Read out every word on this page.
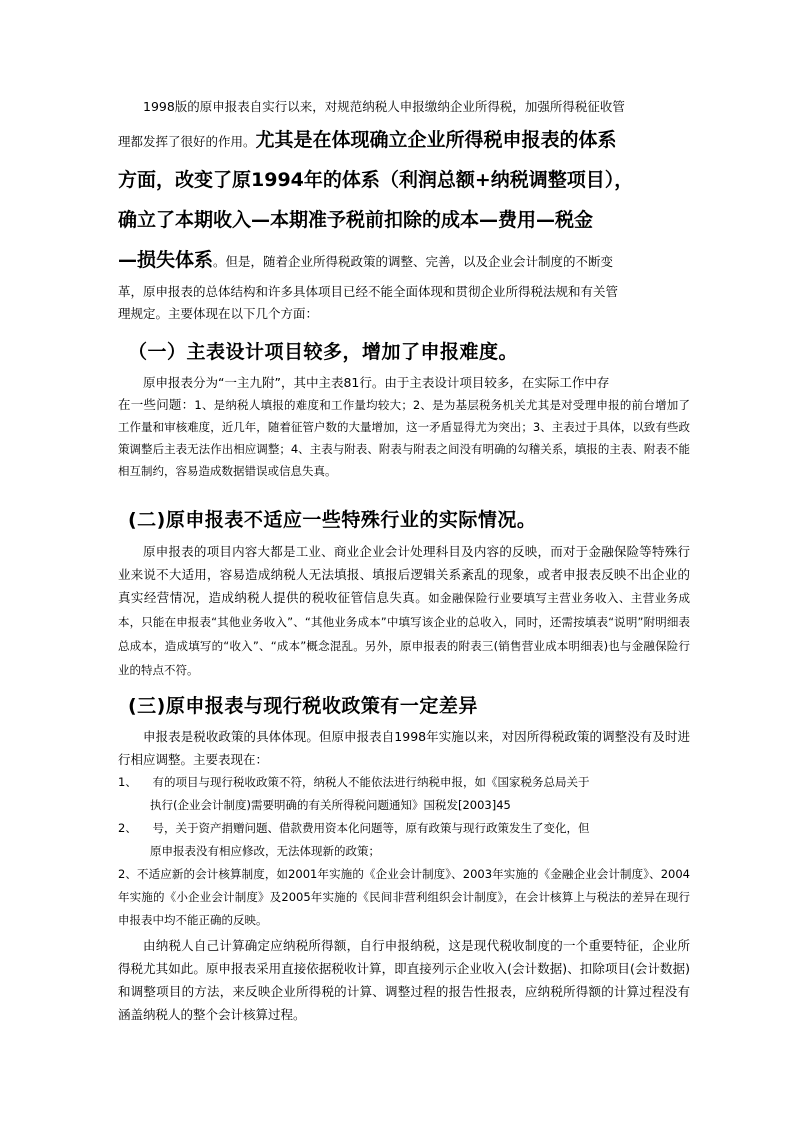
1998版的原申报表自实行以来，对规范纳税人申报缴纳企业所得税，加强所得税征收管
理都发挥了很好的作用。尤其是在体现确立企业所得税申报表的体系
方面，改变了原1994年的体系（利润总额+纳税调整项目），
确立了本期收入—本期准予税前扣除的成本—费用—税金
—损失体系。但是，随着企业所得税政策的调整、完善，以及企业会计制度的不断变
革，原申报表的总体结构和许多具体项目已经不能全面体现和贯彻企业所得税法规和有关管
理规定。主要体现在以下几个方面：
（一）主表设计项目较多，增加了申报难度。
原申报表分为“一主九附”，其中主表81行。由于主表设计项目较多，在实际工作中存
在一些问题：1、是纳税人填报的难度和工作量均较大；2、是为基层税务机关尤其是对受理申报的前台增加了工作量和审核难度，近几年，随着征管户数的大量增加，这一矛盾显得尤为突出；3、主表过于具体，以致有些政策调整后主表无法作出相应调整；4、主表与附表、附表与附表之间没有明确的勾稽关系，填报的主表、附表不能相互制约，容易造成数据错误或信息失真。
(二)原申报表不适应一些特殊行业的实际情况。
原申报表的项目内容大都是工业、商业企业会计处理科目及内容的反映，而对于金融保险等特殊行业来说不大适用，容易造成纳税人无法填报、填报后逻辑关系紊乱的现象，或者申报表反映不出企业的真实经营情况，造成纳税人提供的税收征管信息失真。如金融保险行业要填写主营业务收入、主营业务成本，只能在申报表“其他业务收入”、“其他业务成本”中填写该企业的总收入，同时，还需按填表“说明”附明细表总成本，造成填写的“收入”、“成本”概念混乱。另外，原申报表的附表三(销售营业成本明细表)也与金融保险行业的特点不符。
(三)原申报表与现行税收政策有一定差异
申报表是税收政策的具体体现。但原申报表自1998年实施以来，对因所得税政策的调整没有及时进行相应调整。主要表现在：
1、 有的项目与现行税收政策不符，纳税人不能依法进行纳税申报，如《国家税务总局关于
执行(企业会计制度)需要明确的有关所得税问题通知》国税发[2003]45
2、 号，关于资产捐赠问题、借款费用资本化问题等，原有政策与现行政策发生了变化，但
原申报表没有相应修改，无法体现新的政策；
2、不适应新的会计核算制度，如2001年实施的《企业会计制度》、2003年实施的《金融企业会计制度》、2004年实施的《小企业会计制度》及2005年实施的《民间非营利组织会计制度》，在会计核算上与税法的差异在现行申报表中均不能正确的反映。
由纳税人自己计算确定应纳税所得额，自行申报纳税，这是现代税收制度的一个重要特征，企业所得税尤其如此。原申报表采用直接依据税收计算，即直接列示企业收入(会计数据)、扣除项目(会计数据)和调整项目的方法，来反映企业所得税的计算、调整过程的报告性报表，应纳税所得额的计算过程没有涵盖纳税人的整个会计核算过程。
